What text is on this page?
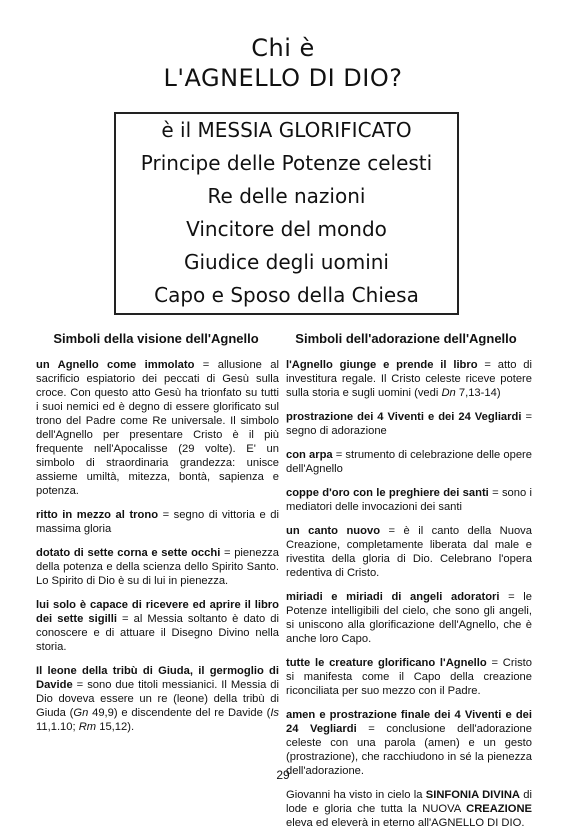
Chi è
L'AGNELLO DI DIO?
è il MESSIA GLORIFICATO
Principe delle Potenze celesti
Re delle nazioni
Vincitore del mondo
Giudice degli uomini
Capo e Sposo della Chiesa
Simboli della visione dell'Agnello	Simboli dell'adorazione dell'Agnello

un Agnello come immolato = allusione al sacrificio espiatorio dei peccati di Gesù sulla croce. Con questo atto Gesù ha trionfato su tutti i suoi nemici ed è degno di essere glorificato sul trono del Padre come Re universale. Il simbolo dell'Agnello per presentare Cristo è il più frequente nell'Apocalisse (29 volte). E' un simbolo di straordinaria grandezza: unisce assieme umiltà, mitezza, bontà, sapienza e potenza.

ritto in mezzo al trono = segno di vittoria e di massima gloria

dotato di sette corna e sette occhi = pienezza della potenza e della scienza dello Spirito Santo. Lo Spirito di Dio è su di lui in pienezza.

lui solo è capace di ricevere ed aprire il libro dei sette sigilli = al Messia soltanto è dato di conoscere e di attuare il Disegno Divino nella storia.

Il leone della tribù di Giuda, il germoglio di Davide = sono due titoli messianici. Il Messia di Dio doveva essere un re (leone) della tribù di Giuda (Gn 49,9) e discendente del re Davide (Is 11,1.10; Rm 15,12).

l'Agnello giunge e prende il libro = atto di investitura regale. Il Cristo celeste riceve potere sulla storia e sugli uomini (vedi Dn 7,13-14)

prostrazione dei 4 Viventi e dei 24 Vegliardi = segno di adorazione

con arpa = strumento di celebrazione delle opere dell'Agnello

coppe d'oro con le preghiere dei santi = sono i mediatori delle invocazioni dei santi

un canto nuovo = è il canto della Nuova Creazione, completamente liberata dal male e rivestita della gloria di Dio. Celebrano l'opera redentiva di Cristo.

miriadi e miriadi di angeli adoratori = le Potenze intelligibili del cielo, che sono gli angeli, si uniscono alla glorificazione dell'Agnello, che è anche loro Capo.

tutte le creature glorificano l'Agnello = Cristo si manifesta come il Capo della creazione riconciliata per suo mezzo con il Padre.

amen e prostrazione finale dei 4 Viventi e dei 24 Vegliardi = conclusione dell'adorazione celeste con una parola (amen) e un gesto (prostrazione), che racchiudono in sé la pienezza dell'adorazione.

Giovanni ha visto in cielo la SINFONIA DIVINA di lode e gloria che tutta la NUOVA CREAZIONE eleva ed eleverà in eterno all'AGNELLO DI DIO.

29
